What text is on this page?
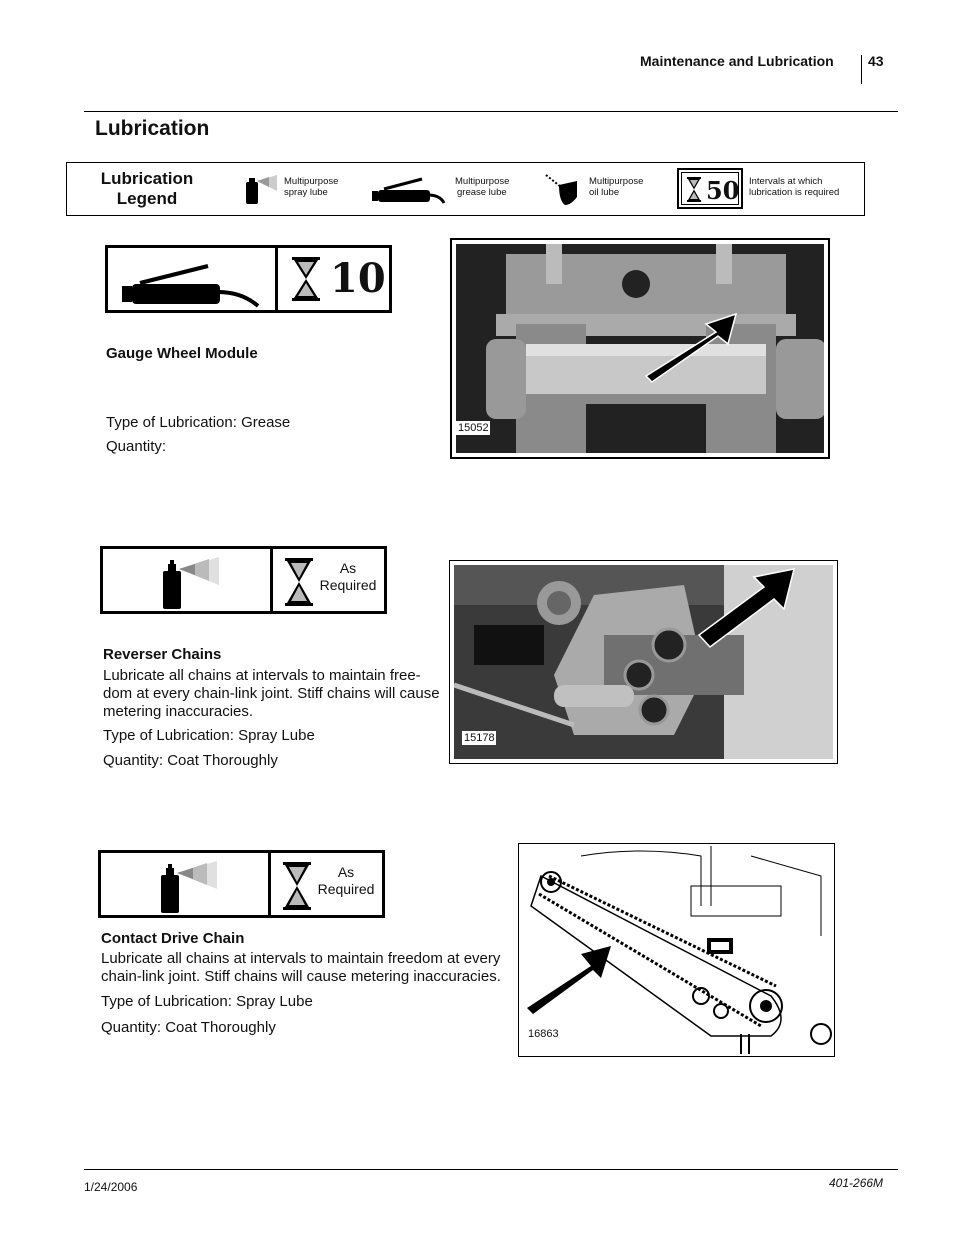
Maintenance and Lubrication 43
Lubrication
Lubrication
Legend
Multipurpose
spray lube
Multipurpose
grease lube
Multipurpose
oil lube	50 Intervals at which
lubrication is required
10
Gauge Wheel Module
Type of Lubrication: Grease
Quantity:
15052
As
Required
Reverser Chains
Lubricate all chains at intervals to maintain free-
dom at every chain-link joint. Stiff chains will cause
metering inaccuracies.
Type of Lubrication: Spray Lube
Quantity: Coat Thoroughly
15178
As
Required
Contact Drive Chain
Lubricate all chains at intervals to maintain freedom at every
chain-link joint. Stiff chains will cause metering inaccuracies.
Type of Lubrication: Spray Lube
Quantity: Coat Thoroughly	16863
1/24/2006	401-266M
